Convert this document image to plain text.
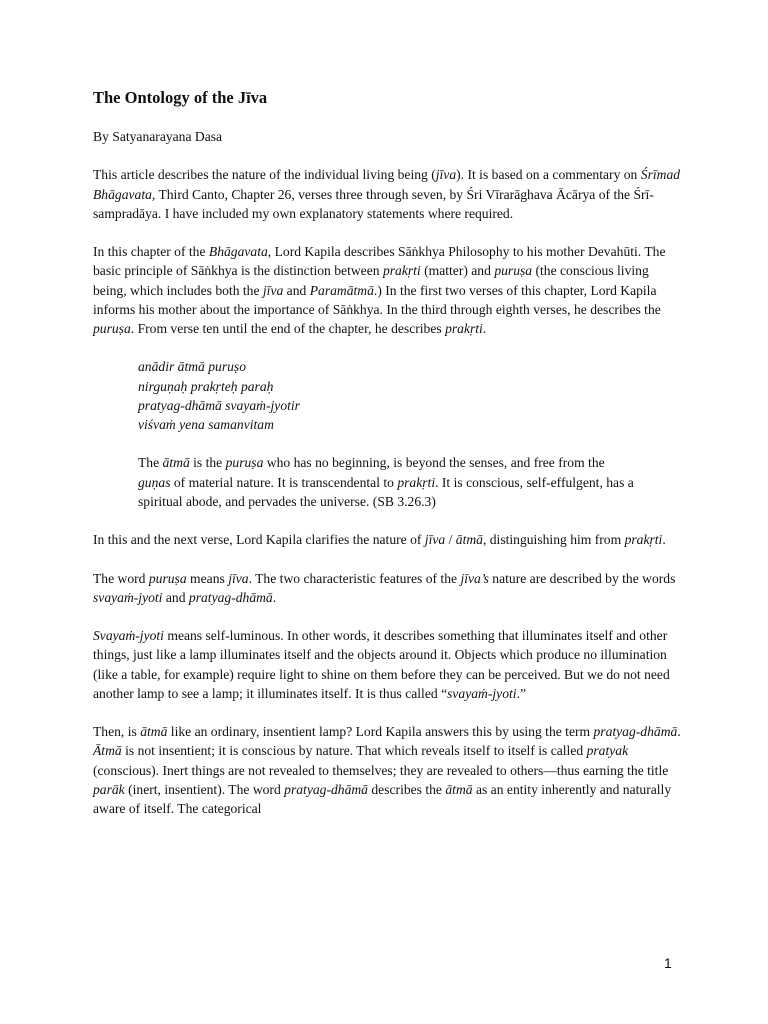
The Ontology of the Jīva
By Satyanarayana Dasa

This article describes the nature of the individual living being (jīva). It is based on a commentary on Śrīmad Bhāgavata, Third Canto, Chapter 26, verses three through seven, by Śri Vīrarāghava Ācārya of the Śrī-sampradāya. I have included my own explanatory statements where required.

In this chapter of the Bhāgavata, Lord Kapila describes Sāṅkhya Philosophy to his mother Devahūti. The basic principle of Sāṅkhya is the distinction between prakṛti (matter) and puruṣa (the conscious living being, which includes both the jīva and Paramātmā.) In the first two verses of this chapter, Lord Kapila informs his mother about the importance of Sāṅkhya. In the third through eighth verses, he describes the puruṣa. From verse ten until the end of the chapter, he describes prakṛti.

anādir ātmā puruṣo
nirguṇaḥ prakṛteḥ paraḥ
pratyag-dhāmā svayaṁ-jyotir
viśvaṁ yena samanvitam

The ātmā is the puruṣa who has no beginning, is beyond the senses, and free from the guṇas of material nature. It is transcendental to prakṛti. It is conscious, self-effulgent, has a spiritual abode, and pervades the universe. (SB 3.26.3)

In this and the next verse, Lord Kapila clarifies the nature of jīva / ātmā, distinguishing him from prakṛti.

The word puruṣa means jīva. The two characteristic features of the jīva’s nature are described by the words svayaṁ-jyoti and pratyag-dhāmā.

Svayaṁ-jyoti means self-luminous. In other words, it describes something that illuminates itself and other things, just like a lamp illuminates itself and the objects around it. Objects which produce no illumination (like a table, for example) require light to shine on them before they can be perceived. But we do not need another lamp to see a lamp; it illuminates itself. It is thus called “svayaṁ-jyoti.”

Then, is ātmā like an ordinary, insentient lamp? Lord Kapila answers this by using the term pratyag-dhāmā. Ātmā is not insentient; it is conscious by nature. That which reveals itself to itself is called pratyak (conscious). Inert things are not revealed to themselves; they are revealed to others—thus earning the title parāk (inert, insentient). The word pratyag-dhāmā describes the ātmā as an entity inherently and naturally aware of itself. The categorical

1
